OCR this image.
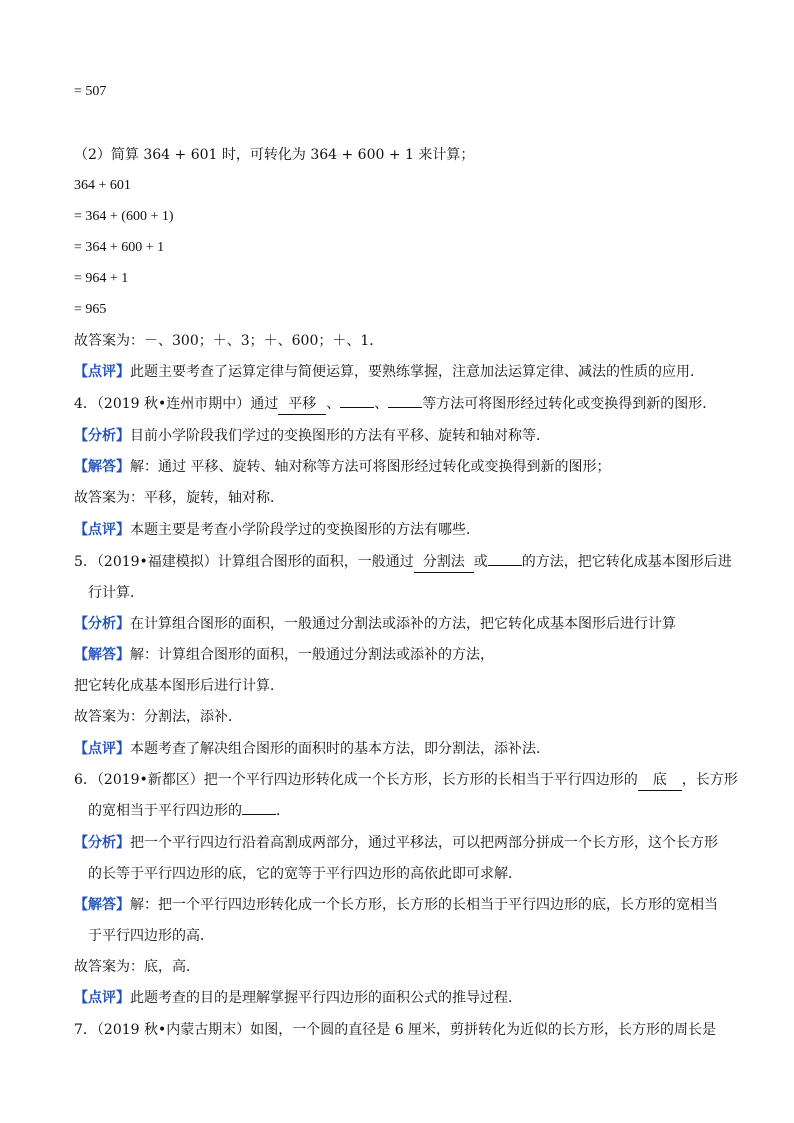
= 507
（2）简算 364 + 601 时，可转化为 364 + 600 + 1 来计算；
364 + 601
= 364 + (600 + 1)
= 364 + 600 + 1
= 964 + 1
= 965
故答案为：－、300；＋、3；＋、600；＋、1．
【点评】此题主要考查了运算定律与简便运算，要熟练掌握，注意加法运算定律、减法的性质的应用．
4．（2019 秋•连州市期中）通过 平移 、 、 等方法可将图形经过转化或变换得到新的图形．
【分析】目前小学阶段我们学过的变换图形的方法有平移、旋转和轴对称等．
【解答】解：通过 平移、旋转、轴对称等方法可将图形经过转化或变换得到新的图形；
故答案为：平移，旋转，轴对称．
【点评】本题主要是考查小学阶段学过的变换图形的方法有哪些．
5．（2019•福建模拟）计算组合图形的面积，一般通过 分割法 或 的方法，把它转化成基本图形后进
行计算．
【分析】在计算组合图形的面积，一般通过分割法或添补的方法，把它转化成基本图形后进行计算
【解答】解：计算组合图形的面积，一般通过分割法或添补的方法，
把它转化成基本图形后进行计算．
故答案为：分割法，添补．
【点评】本题考查了解决组合图形的面积时的基本方法，即分割法，添补法．
6．（2019•新都区）把一个平行四边形转化成一个长方形，长方形的长相当于平行四边形的 底 ，长方形
的宽相当于平行四边形的 ．
【分析】把一个平行四边行沿着高割成两部分，通过平移法，可以把两部分拼成一个长方形，这个长方形
的长等于平行四边形的底，它的宽等于平行四边形的高依此即可求解．
【解答】解：把一个平行四边形转化成一个长方形，长方形的长相当于平行四边形的底，长方形的宽相当
于平行四边形的高．
故答案为：底，高．
【点评】此题考查的目的是理解掌握平行四边形的面积公式的推导过程．
7．（2019 秋•内蒙古期末）如图，一个圆的直径是 6 厘米，剪拼转化为近似的长方形，长方形的周长是
